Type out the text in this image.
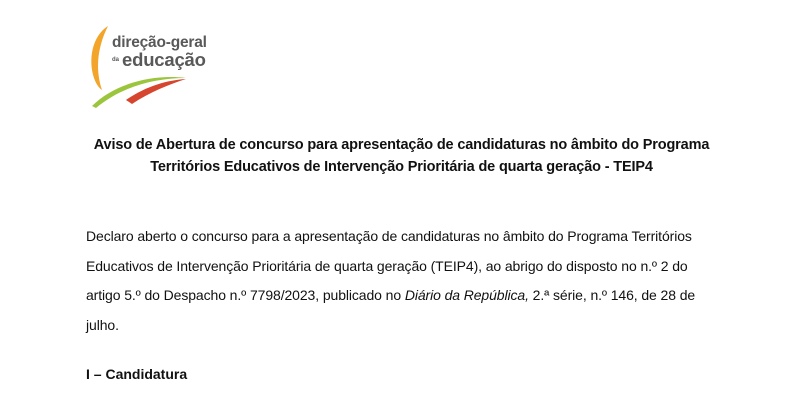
direção-geral
da educação
Aviso de Abertura de concurso para apresentação de candidaturas no âmbito do Programa
Territórios Educativos de Intervenção Prioritária de quarta geração - TEIP4
Declaro aberto o concurso para a apresentação de candidaturas no âmbito do Programa Territórios
Educativos de Intervenção Prioritária de quarta geração (TEIP4), ao abrigo do disposto no n.º 2 do
artigo 5.º do Despacho n.º 7798/2023, publicado no Diário da República, 2.ª série, n.º 146, de 28 de
julho.
I – Candidatura
